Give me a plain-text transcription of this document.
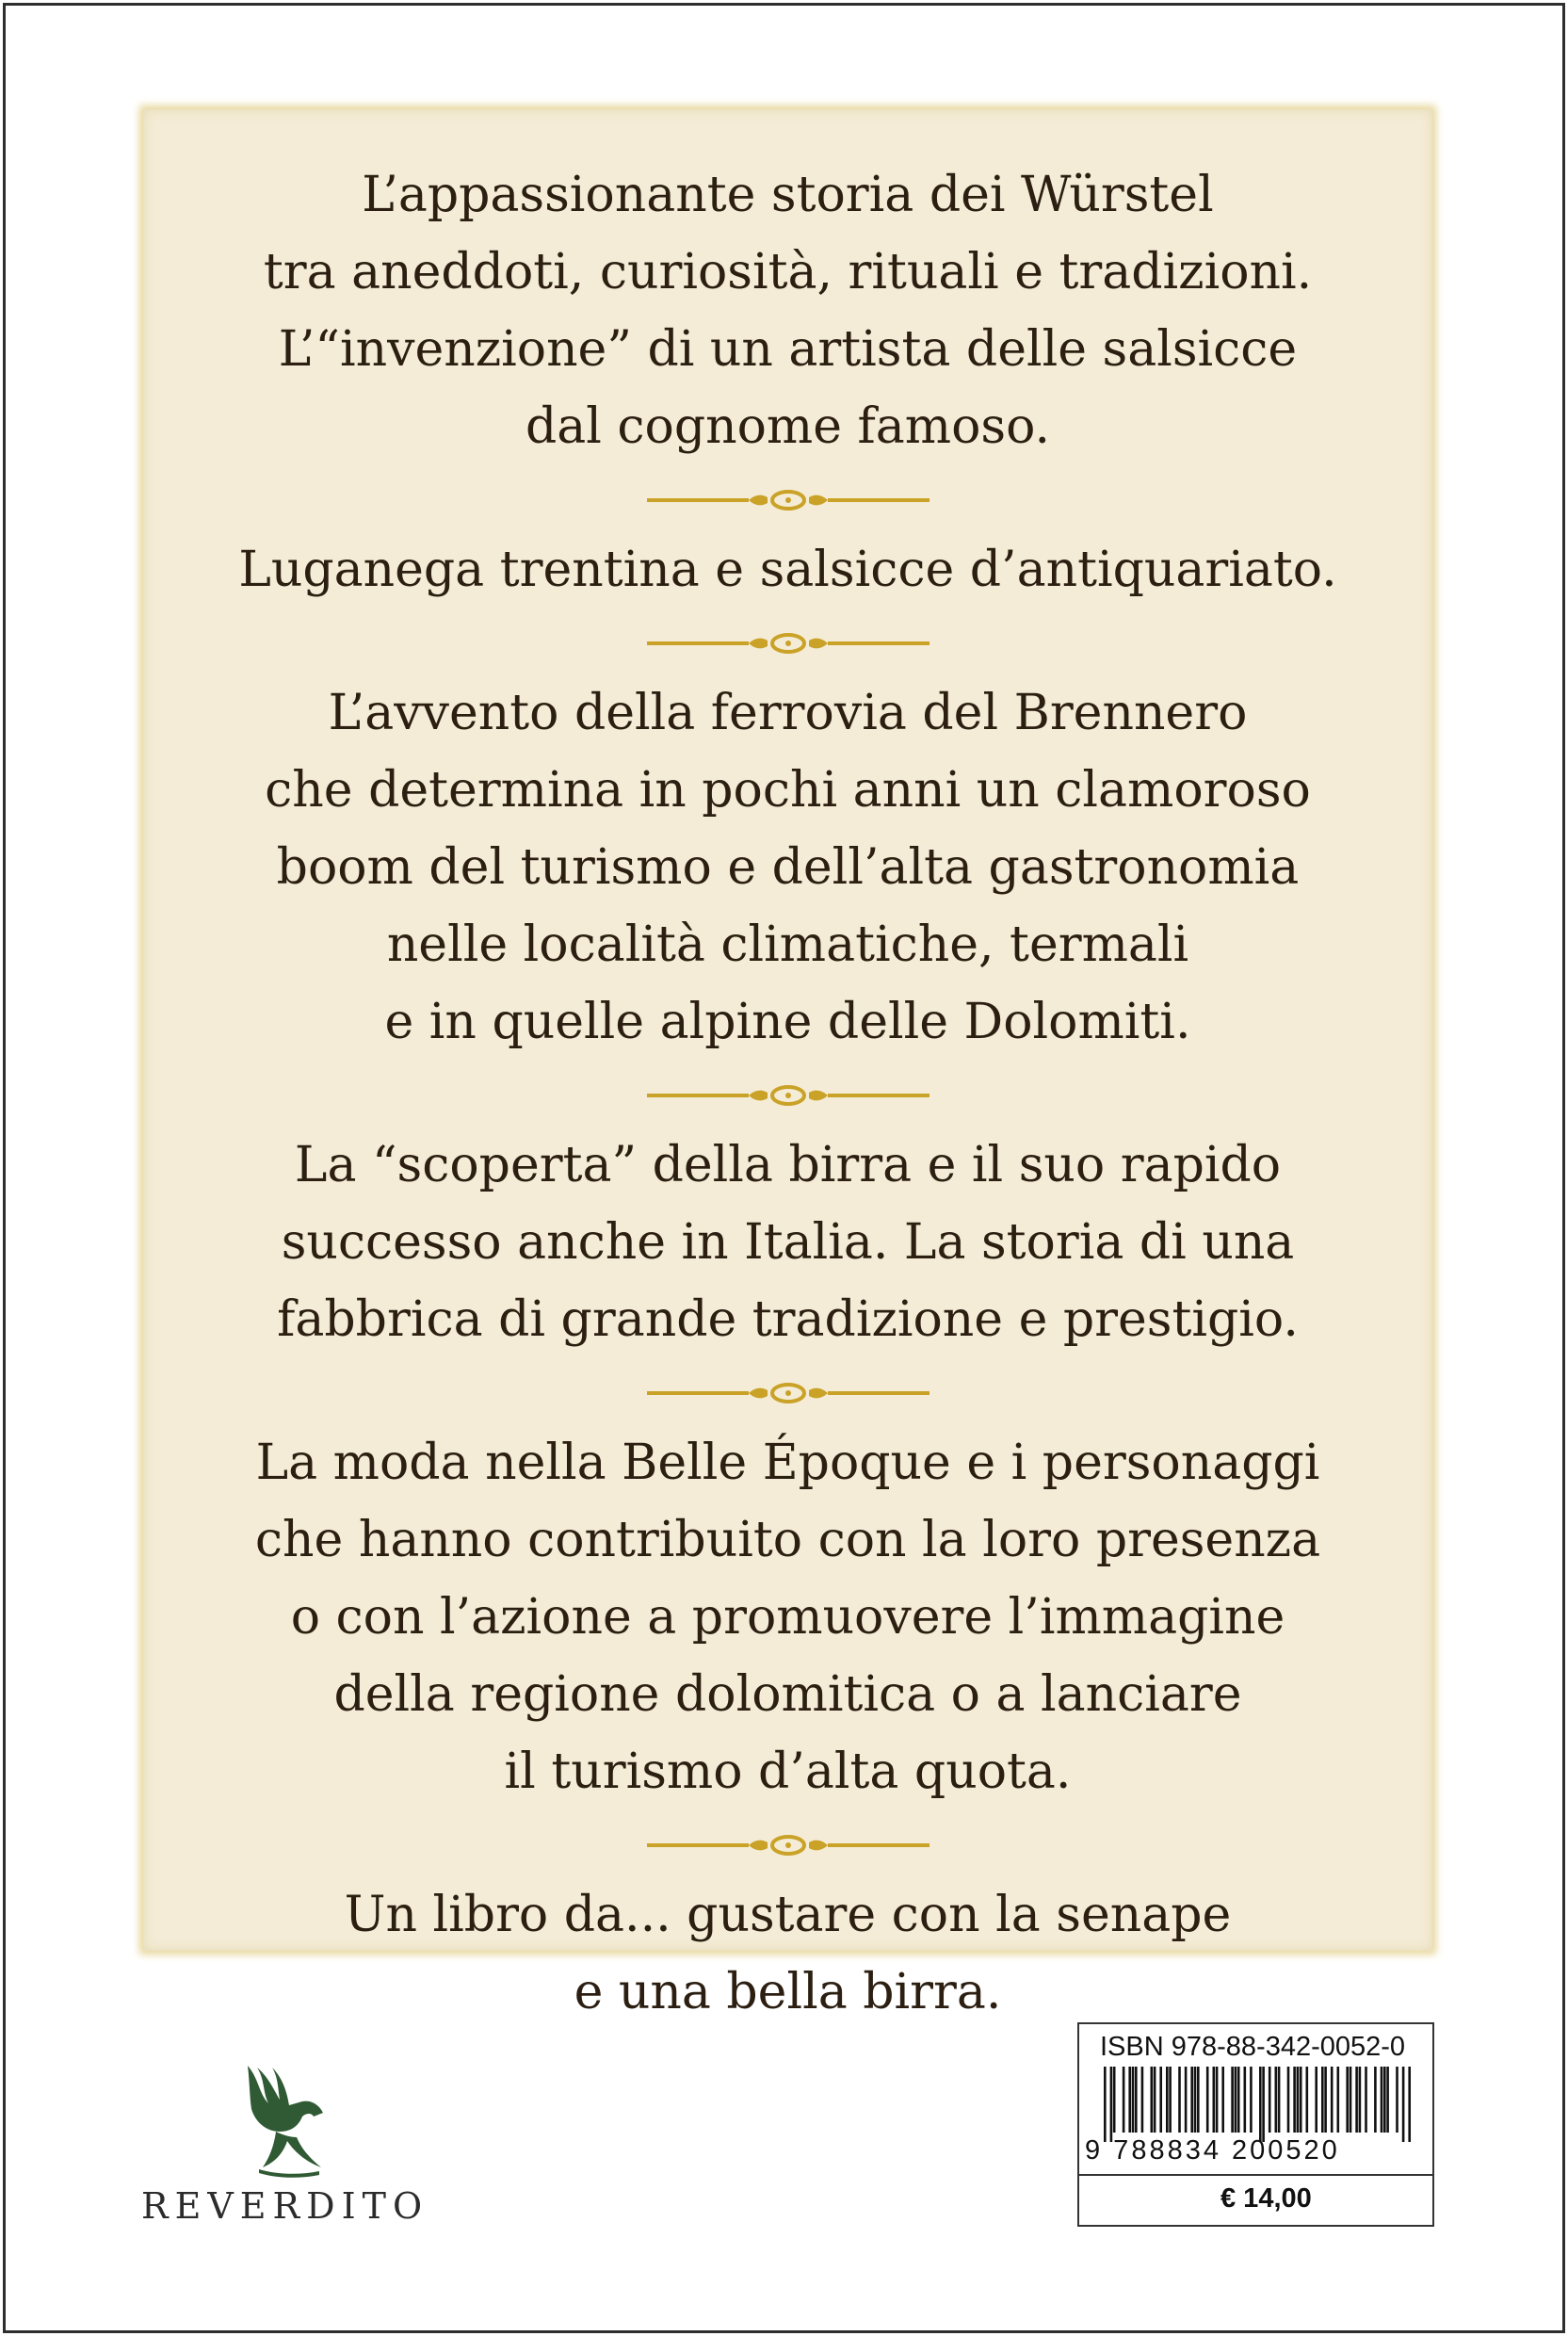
L’appassionante storia dei Würstel

tra aneddoti, curiosità, rituali e tradizioni.

L’“invenzione” di un artista delle salsicce

dal cognome famoso.

Luganega trentina e salsicce d’antiquariato.

L’avvento della ferrovia del Brennero

che determina in pochi anni un clamoroso

boom del turismo e dell’alta gastronomia

nelle località climatiche, termali

e in quelle alpine delle Dolomiti.

La “scoperta” della birra e il suo rapido

successo anche in Italia. La storia di una

fabbrica di grande tradizione e prestigio.

La moda nella Belle Époque e i personaggi

che hanno contribuito con la loro presenza

o con l’azione a promuovere l’immagine

della regione dolomitica o a lanciare

il turismo d’alta quota.

Un libro da... gustare con la senape

e una bella birra.

REVERDITO
ISBN 978-88-342-0052-0
9 788834 200520
€ 14,00
